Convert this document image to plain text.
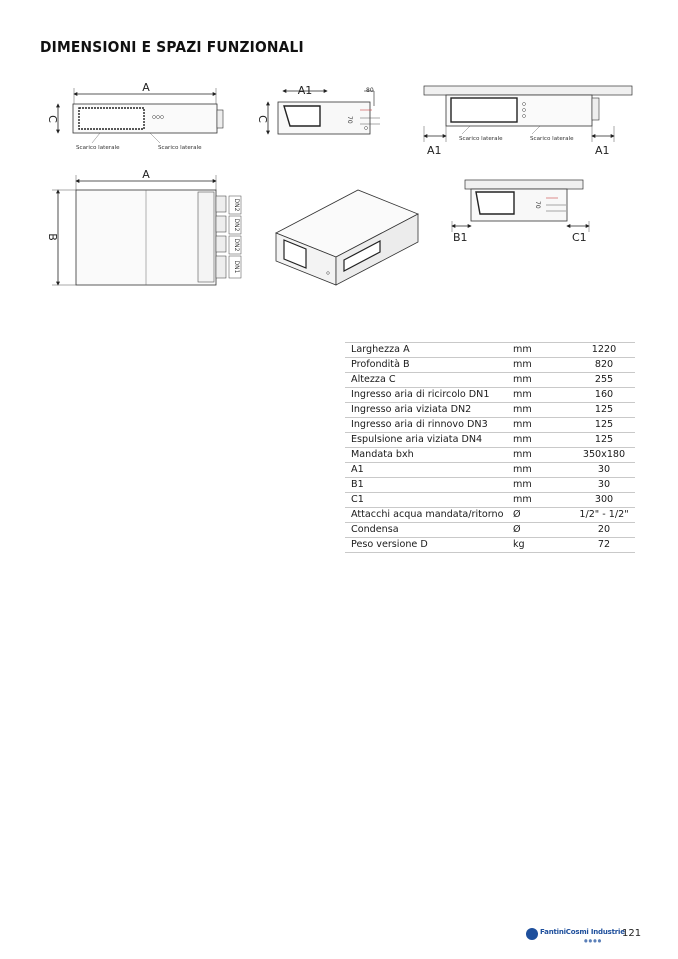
DIMENSIONI E SPAZI FUNZIONALI
A
C
Scarico laterale	Scarico laterale
A1
70
80
C
A1	A1
Scarico laterale	Scarico laterale
A
DN2
DN2
DN2
DN1
B
70
B1	C1
Larghezza A	mm	1220
Profondità B	mm	820
Altezza C	mm	255
Ingresso aria di ricircolo DN1	mm	160
Ingresso aria viziata DN2	mm	125
Ingresso aria di rinnovo DN3	mm	125
Espulsione aria viziata DN4	mm	125
Mandata bxh	mm	350x180
A1	mm	30
B1	mm	30
C1	mm	300
Attacchi acqua mandata/ritorno	Ø	1/2" - 1/2"
Condensa	Ø	20
Peso versione D	kg	72
FantiniCosmi Industrie
●●●●
121
